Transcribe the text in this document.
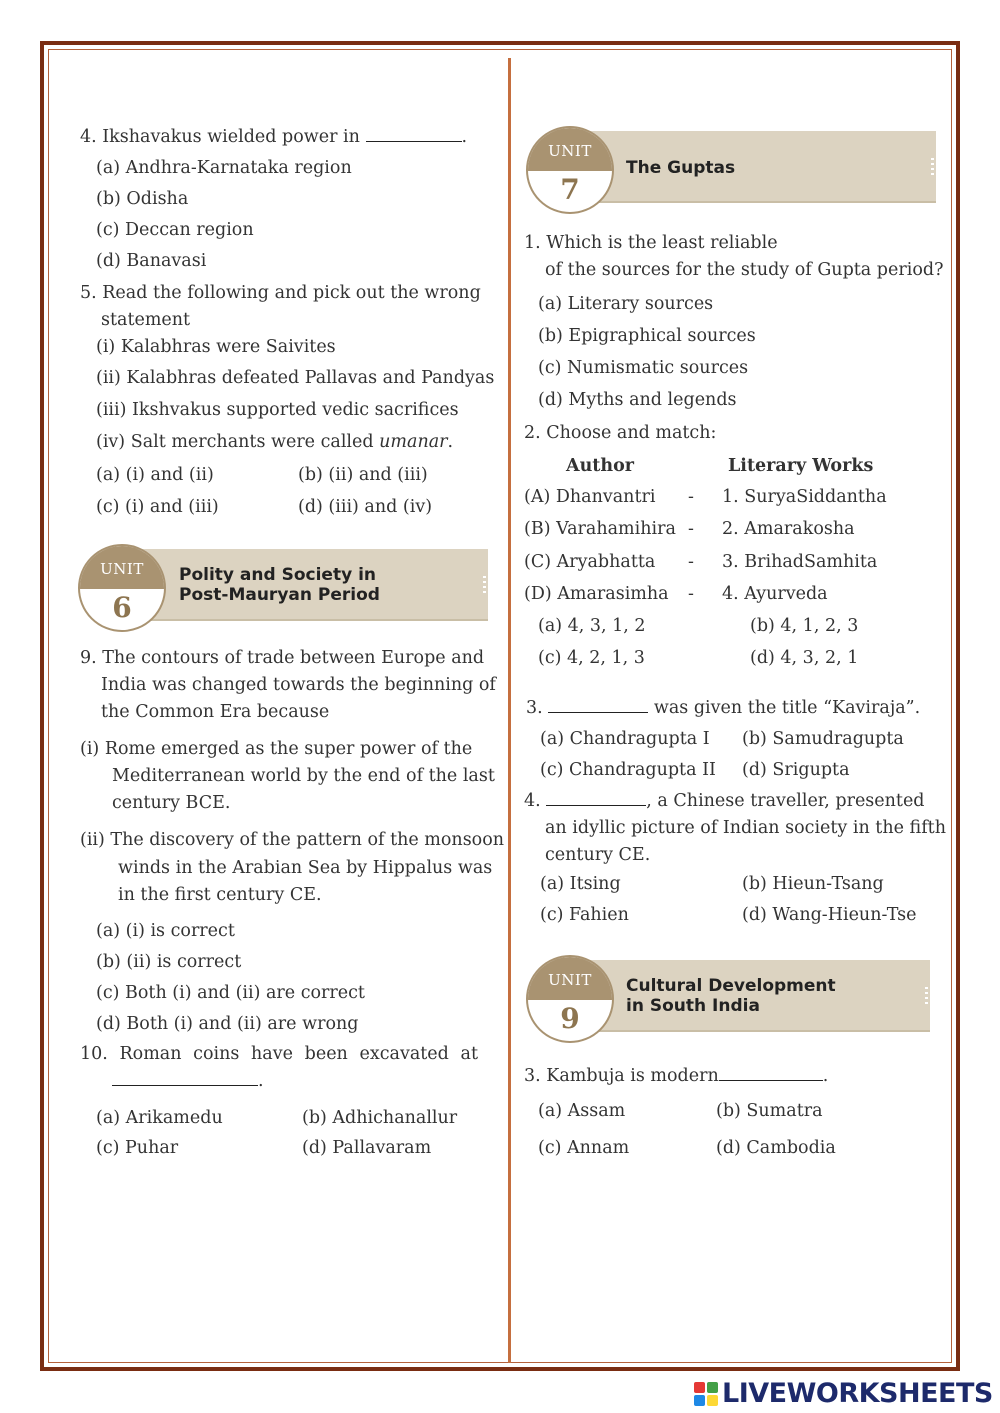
4. Ikshavakus wielded power in	.
(a) Andhra-Karnataka region
(b) Odisha
(c) Deccan region
(d) Banavasi
5. Read the following and pick out the wrong
statement
(i) Kalabhras were Saivites
(ii) Kalabhras defeated Pallavas and Pandyas
(iii) Ikshvakus supported vedic sacrifices
(iv) Salt merchants were called umanar.
(a) (i) and (ii)	(b) (ii) and (iii)
(c) (i) and (iii)	(d) (iii) and (iv)
UNIT
6
Polity and Society in
Post-Mauryan Period
9. The contours of trade between Europe and
India was changed towards the beginning of
the Common Era because
(i) Rome emerged as the super power of the
Mediterranean world by the end of the last
century BCE.
(ii) The discovery of the pattern of the monsoon
winds in the Arabian Sea by Hippalus was
in the first century CE.
(a) (i) is correct
(b) (ii) is correct
(c) Both (i) and (ii) are correct
(d) Both (i) and (ii) are wrong
10. Roman coins have been excavated at
.
(a) Arikamedu	(b) Adhichanallur
(c) Puhar	(d) Pallavaram
UNIT
7
The Guptas
1. Which is the least reliable
of the sources for the study of Gupta period?
(a) Literary sources
(b) Epigraphical sources
(c) Numismatic sources
(d) Myths and legends
2. Choose and match:
Author	Literary Works
(A) Dhanvantri - 1. SuryaSiddantha
(B) Varahamihira - 2. Amarakosha
(C) Aryabhatta - 3. BrihadSamhita
(D) Amarasimha - 4. Ayurveda
(a) 4, 3, 1, 2	(b) 4, 1, 2, 3
(c) 4, 2, 1, 3	(d) 4, 3, 2, 1
3.	was given the title “Kaviraja”.
(a) Chandragupta I (b) Samudragupta
(c) Chandragupta II (d) Srigupta
4.	, a Chinese traveller, presented
an idyllic picture of Indian society in the fifth
century CE.
(a) Itsing	(b) Hieun-Tsang
(c) Fahien	(d) Wang-Hieun-Tse
UNIT
9
Cultural Development
in South India
3. Kambuja is modern	.
(a) Assam	(b) Sumatra
(c) Annam	(d) Cambodia
LIVEWORKSHEETS
